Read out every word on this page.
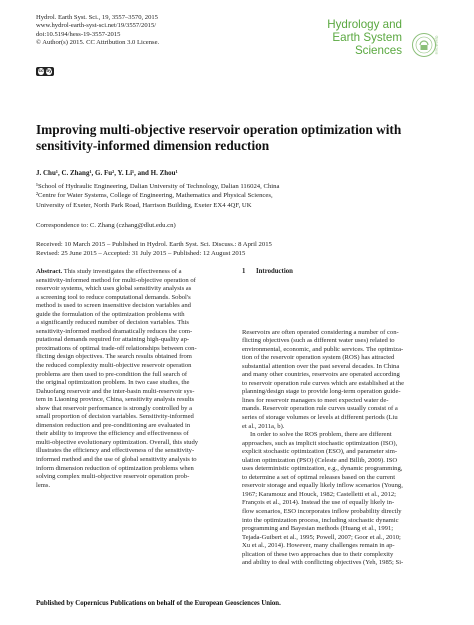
Hydrol. Earth Syst. Sci., 19, 3557–3570, 2015
www.hydrol-earth-syst-sci.net/19/3557/2015/
doi:10.5194/hess-19-3557-2015
© Author(s) 2015. CC Attribution 3.0 License.
cc by
Hydrology and
Earth System
Sciences	Open Access
Improving multi-objective reservoir operation optimization with
sensitivity-informed dimension reduction
J. Chu¹, C. Zhang¹, G. Fu², Y. Li¹, and H. Zhou¹
¹School of Hydraulic Engineering, Dalian University of Technology, Dalian 116024, China
²Centre for Water Systems, College of Engineering, Mathematics and Physical Sciences,
University of Exeter, North Park Road, Harrison Building, Exeter EX4 4QF, UK
Correspondence to: C. Zhang (czhang@dlut.edu.cn)
Received: 10 March 2015 – Published in Hydrol. Earth Syst. Sci. Discuss.: 8 April 2015
Revised: 25 June 2015 – Accepted: 31 July 2015 – Published: 12 August 2015
Abstract. This study investigates the effectiveness of a
sensitivity-informed method for multi-objective operation of
reservoir systems, which uses global sensitivity analysis as
a screening tool to reduce computational demands. Sobol's
method is used to screen insensitive decision variables and
guide the formulation of the optimization problems with
a significantly reduced number of decision variables. This
sensitivity-informed method dramatically reduces the com-
putational demands required for attaining high-quality ap-
proximations of optimal trade-off relationships between con-
flicting design objectives. The search results obtained from
the reduced complexity multi-objective reservoir operation
problems are then used to pre-condition the full search of
the original optimization problem. In two case studies, the
Dahuofang reservoir and the inter-basin multi-reservoir sys-
tem in Liaoning province, China, sensitivity analysis results
show that reservoir performance is strongly controlled by a
small proportion of decision variables. Sensitivity-informed
dimension reduction and pre-conditioning are evaluated in
their ability to improve the efficiency and effectiveness of
multi-objective evolutionary optimization. Overall, this study
illustrates the efficiency and effectiveness of the sensitivity-
informed method and the use of global sensitivity analysis to
inform dimension reduction of optimization problems when
solving complex multi-objective reservoir operation prob-
lems.
1 Introduction
Reservoirs are often operated considering a number of con-
flicting objectives (such as different water uses) related to
environmental, economic, and public services. The optimiza-
tion of the reservoir operation system (ROS) has attracted
substantial attention over the past several decades. In China
and many other countries, reservoirs are operated according
to reservoir operation rule curves which are established at the
planning/design stage to provide long-term operation guide-
lines for reservoir managers to meet expected water de-
mands. Reservoir operation rule curves usually consist of a
series of storage volumes or levels at different periods (Liu
et al., 2011a, b).
In order to solve the ROS problem, there are different
approaches, such as implicit stochastic optimization (ISO),
explicit stochastic optimization (ESO), and parameter sim-
ulation optimization (PSO) (Celeste and Billib, 2009). ISO
uses deterministic optimization, e.g., dynamic programming,
to determine a set of optimal releases based on the current
reservoir storage and equally likely inflow scenarios (Young,
1967; Karamouz and Houck, 1982; Castelletti et al., 2012;
François et al., 2014). Instead the use of equally likely in-
flow scenarios, ESO incorporates inflow probability directly
into the optimization process, including stochastic dynamic
programming and Bayesian methods (Huang et al., 1991;
Tejada-Guibert et al., 1995; Powell, 2007; Goor et al., 2010;
Xu et al., 2014). However, many challenges remain in ap-
plication of these two approaches due to their complexity
and ability to deal with conflicting objectives (Yeh, 1985; Si-
Published by Copernicus Publications on behalf of the European Geosciences Union.
